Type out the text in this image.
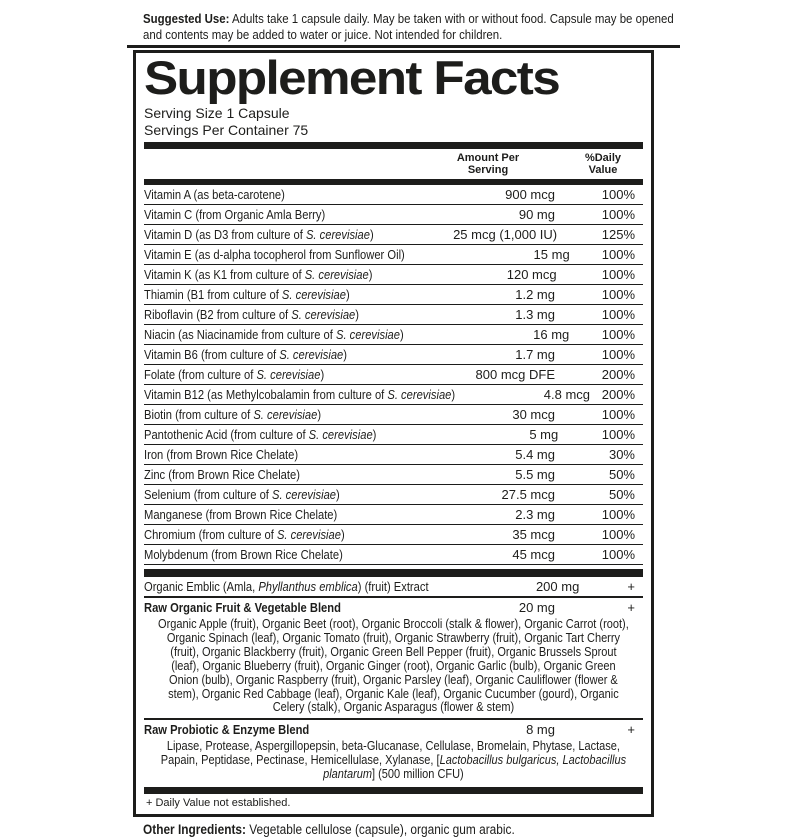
Suggested Use: Adults take 1 capsule daily. May be taken with or without food. Capsule may be opened and contents may be added to water or juice. Not intended for children.

Supplement Facts
Serving Size 1 Capsule
Servings Per Container 75
Amount Per Serving
%Daily Value
Vitamin A (as beta-carotene)	900 mcg	100%
Vitamin C (from Organic Amla Berry)	90 mg	100%
Vitamin D (as D3 from culture of S. cerevisiae)	25 mcg (1,000 IU)	125%
Vitamin E (as d-alpha tocopherol from Sunflower Oil)	15 mg	100%
Vitamin K (as K1 from culture of S. cerevisiae)	120 mcg	100%
Thiamin (B1 from culture of S. cerevisiae)	1.2 mg	100%
Riboflavin (B2 from culture of S. cerevisiae)	1.3 mg	100%
Niacin (as Niacinamide from culture of S. cerevisiae)	16 mg	100%
Vitamin B6 (from culture of S. cerevisiae)	1.7 mg	100%
Folate (from culture of S. cerevisiae)	800 mcg DFE	200%
Vitamin B12 (as Methylcobalamin from culture of S. cerevisiae)	4.8 mcg 200%
Biotin (from culture of S. cerevisiae)	30 mcg	100%
Pantothenic Acid (from culture of S. cerevisiae)	5 mg	100%
Iron (from Brown Rice Chelate)	5.4 mg	30%
Zinc (from Brown Rice Chelate)	5.5 mg	50%
Selenium (from culture of S. cerevisiae)	27.5 mcg	50%
Manganese (from Brown Rice Chelate)	2.3 mg	100%
Chromium (from culture of S. cerevisiae)	35 mcg	100%
Molybdenum (from Brown Rice Chelate)	45 mcg	100%
Organic Emblic (Amla, Phyllanthus emblica) (fruit) Extract	200 mg	+
Raw Organic Fruit & Vegetable Blend	20 mg	+
Organic Apple (fruit), Organic Beet (root), Organic Broccoli (stalk & flower), Organic Carrot (root), Organic Spinach (leaf), Organic Tomato (fruit), Organic Strawberry (fruit), Organic Tart Cherry (fruit), Organic Blackberry (fruit), Organic Green Bell Pepper (fruit), Organic Brussels Sprout (leaf), Organic Blueberry (fruit), Organic Ginger (root), Organic Garlic (bulb), Organic Green Onion (bulb), Organic Raspberry (fruit), Organic Parsley (leaf), Organic Cauliflower (flower & stem), Organic Red Cabbage (leaf), Organic Kale (leaf), Organic Cucumber (gourd), Organic Celery (stalk), Organic Asparagus (flower & stem)
Raw Probiotic & Enzyme Blend	8 mg	+
Lipase, Protease, Aspergillopepsin, beta-Glucanase, Cellulase, Bromelain, Phytase, Lactase, Papain, Peptidase, Pectinase, Hemicellulase, Xylanase, [Lactobacillus bulgaricus, Lactobacillus plantarum] (500 million CFU)
+ Daily Value not established.

Other Ingredients: Vegetable cellulose (capsule), organic gum arabic.
